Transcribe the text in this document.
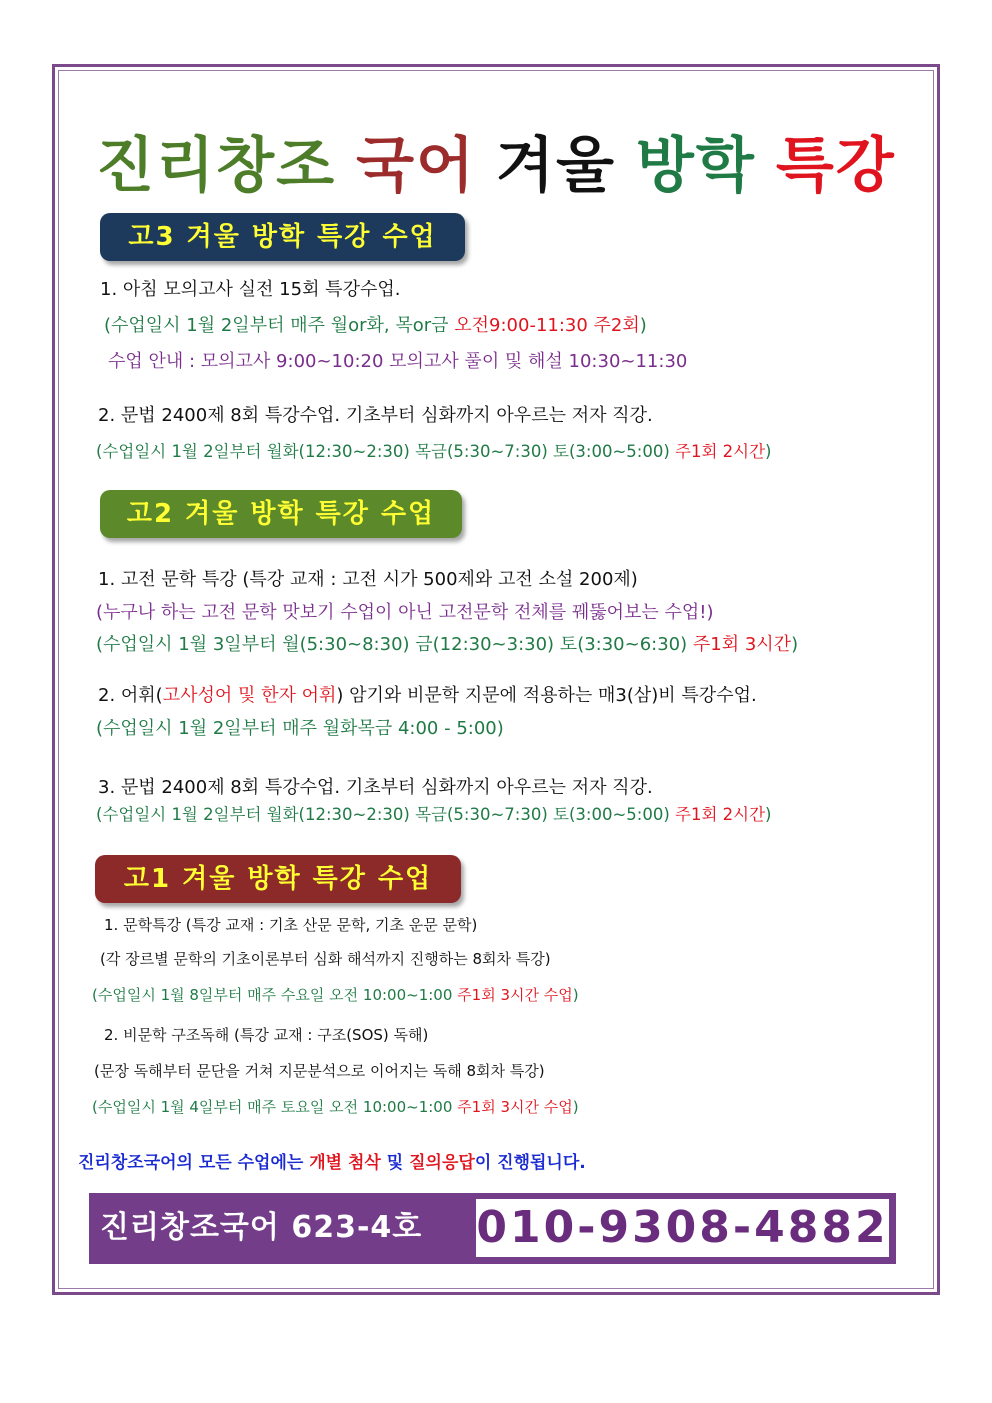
진리창조 국어 겨울 방학 특강
고3 겨울 방학 특강 수업
1. 아침 모의고사 실전 15회 특강수업.
(수업일시 1월 2일부터 매주 월or화, 목or금 오전9:00-11:30 주2회)
수업 안내 : 모의고사 9:00~10:20 모의고사 풀이 및 해설 10:30~11:30
2. 문법 2400제 8회 특강수업. 기초부터 심화까지 아우르는 저자 직강.
(수업일시 1월 2일부터 월화(12:30~2:30) 목금(5:30~7:30) 토(3:00~5:00) 주1회 2시간)
고2 겨울 방학 특강 수업
1. 고전 문학 특강 (특강 교재 : 고전 시가 500제와 고전 소설 200제)
(누구나 하는 고전 문학 맛보기 수업이 아닌 고전문학 전체를 꿰뚫어보는 수업!)
(수업일시 1월 3일부터 월(5:30~8:30) 금(12:30~3:30) 토(3:30~6:30) 주1회 3시간)
2. 어휘(고사성어 및 한자 어휘) 암기와 비문학 지문에 적용하는 매3(삼)비 특강수업.
(수업일시 1월 2일부터 매주 월화목금 4:00 - 5:00)
3. 문법 2400제 8회 특강수업. 기초부터 심화까지 아우르는 저자 직강.
(수업일시 1월 2일부터 월화(12:30~2:30) 목금(5:30~7:30) 토(3:00~5:00) 주1회 2시간)
고1 겨울 방학 특강 수업
1. 문학특강 (특강 교재 : 기초 산문 문학, 기초 운문 문학)
(각 장르별 문학의 기초이론부터 심화 해석까지 진행하는 8회차 특강)
(수업일시 1월 8일부터 매주 수요일 오전 10:00~1:00 주1회 3시간 수업)
2. 비문학 구조독해 (특강 교재 : 구조(SOS) 독해)
(문장 독해부터 문단을 거쳐 지문분석으로 이어지는 독해 8회차 특강)
(수업일시 1월 4일부터 매주 토요일 오전 10:00~1:00 주1회 3시간 수업)
진리창조국어의 모든 수업에는 개별 첨삭 및 질의응답이 진행됩니다.
진리창조국어 623-4호 010-9308-4882
